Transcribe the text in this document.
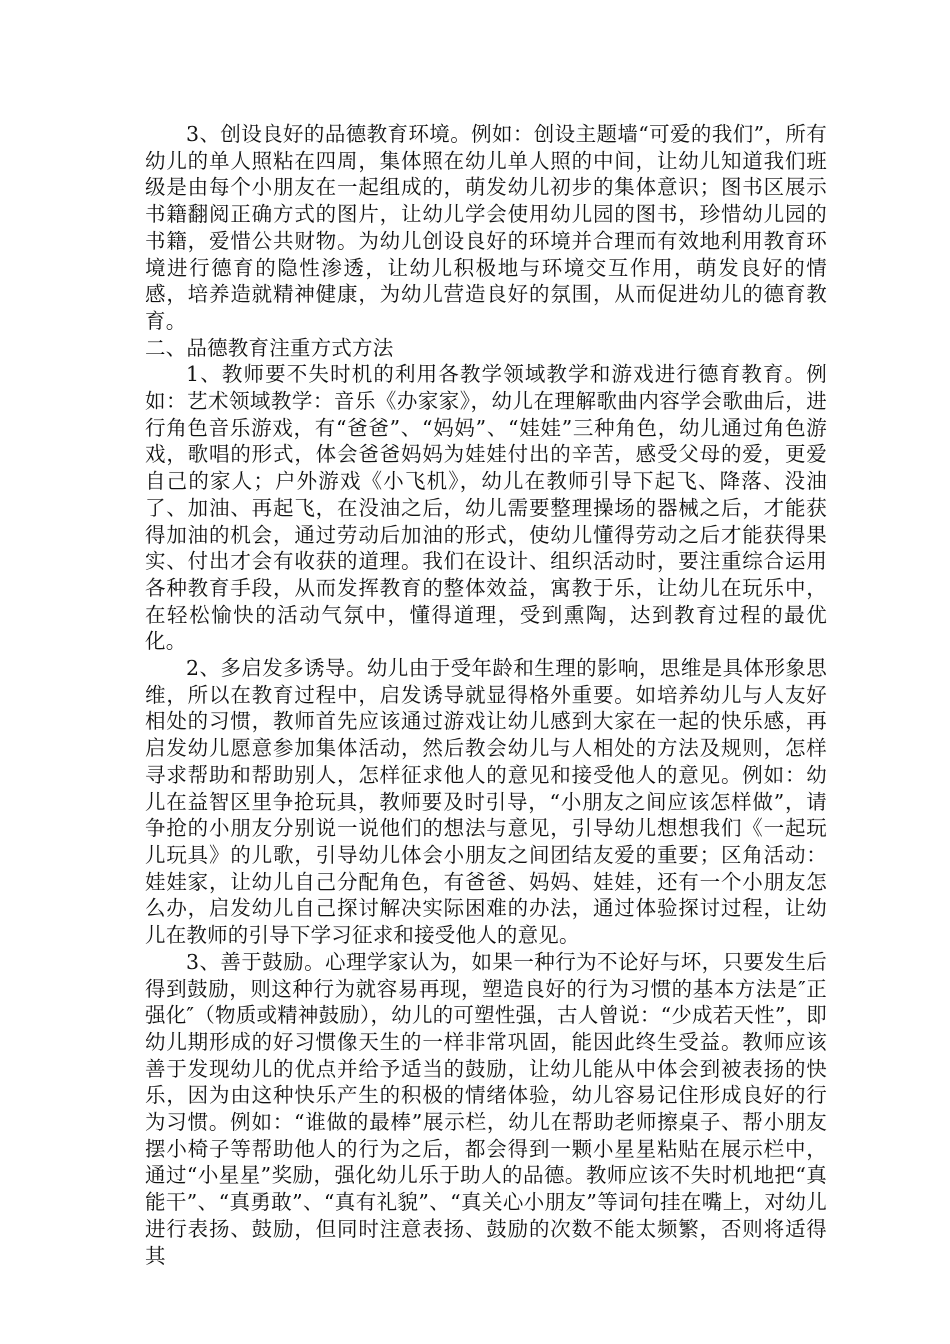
3、创设良好的品德教育环境。例如：创设主题墙“可爱的我们”，所有幼儿的单人照粘在四周，集体照在幼儿单人照的中间，让幼儿知道我们班级是由每个小朋友在一起组成的，萌发幼儿初步的集体意识；图书区展示书籍翻阅正确方式的图片，让幼儿学会使用幼儿园的图书，珍惜幼儿园的书籍，爱惜公共财物。为幼儿创设良好的环境并合理而有效地利用教育环境进行德育的隐性渗透，让幼儿积极地与环境交互作用，萌发良好的情感，培养造就精神健康，为幼儿营造良好的氛围，从而促进幼儿的德育教育。

二、品德教育注重方式方法

1、教师要不失时机的利用各教学领域教学和游戏进行德育教育。例如：艺术领域教学：音乐《办家家》，幼儿在理解歌曲内容学会歌曲后，进行角色音乐游戏，有“爸爸”、“妈妈”、“娃娃”三种角色，幼儿通过角色游戏，歌唱的形式，体会爸爸妈妈为娃娃付出的辛苦，感受父母的爱，更爱自己的家人；户外游戏《小飞机》，幼儿在教师引导下起飞、降落、没油了、加油、再起飞，在没油之后，幼儿需要整理操场的器械之后，才能获得加油的机会，通过劳动后加油的形式，使幼儿懂得劳动之后才能获得果实、付出才会有收获的道理。我们在设计、组织活动时，要注重综合运用各种教育手段，从而发挥教育的整体效益，寓教于乐，让幼儿在玩乐中，在轻松愉快的活动气氛中，懂得道理，受到熏陶，达到教育过程的最优化。

2、多启发多诱导。幼儿由于受年龄和生理的影响，思维是具体形象思维，所以在教育过程中，启发诱导就显得格外重要。如培养幼儿与人友好相处的习惯，教师首先应该通过游戏让幼儿感到大家在一起的快乐感，再启发幼儿愿意参加集体活动，然后教会幼儿与人相处的方法及规则，怎样寻求帮助和帮助别人，怎样征求他人的意见和接受他人的意见。例如：幼儿在益智区里争抢玩具，教师要及时引导，“小朋友之间应该怎样做”，请争抢的小朋友分别说一说他们的想法与意见，引导幼儿想想我们《一起玩儿玩具》的儿歌，引导幼儿体会小朋友之间团结友爱的重要；区角活动：娃娃家，让幼儿自己分配角色，有爸爸、妈妈、娃娃，还有一个小朋友怎么办，启发幼儿自己探讨解决实际困难的办法，通过体验探讨过程，让幼儿在教师的引导下学习征求和接受他人的意见。

3、善于鼓励。心理学家认为，如果一种行为不论好与坏，只要发生后得到鼓励，则这种行为就容易再现，塑造良好的行为习惯的基本方法是″正强化″（物质或精神鼓励），幼儿的可塑性强，古人曾说：“少成若天性”，即幼儿期形成的好习惯像天生的一样非常巩固，能因此终生受益。教师应该善于发现幼儿的优点并给予适当的鼓励，让幼儿能从中体会到被表扬的快乐，因为由这种快乐产生的积极的情绪体验，幼儿容易记住形成良好的行为习惯。例如：“谁做的最棒”展示栏，幼儿在帮助老师擦桌子、帮小朋友摆小椅子等帮助他人的行为之后，都会得到一颗小星星粘贴在展示栏中，通过“小星星”奖励，强化幼儿乐于助人的品德。教师应该不失时机地把“真能干”、“真勇敢”、“真有礼貌”、“真关心小朋友”等词句挂在嘴上，对幼儿进行表扬、鼓励，但同时注意表扬、鼓励的次数不能太频繁，否则将适得其
